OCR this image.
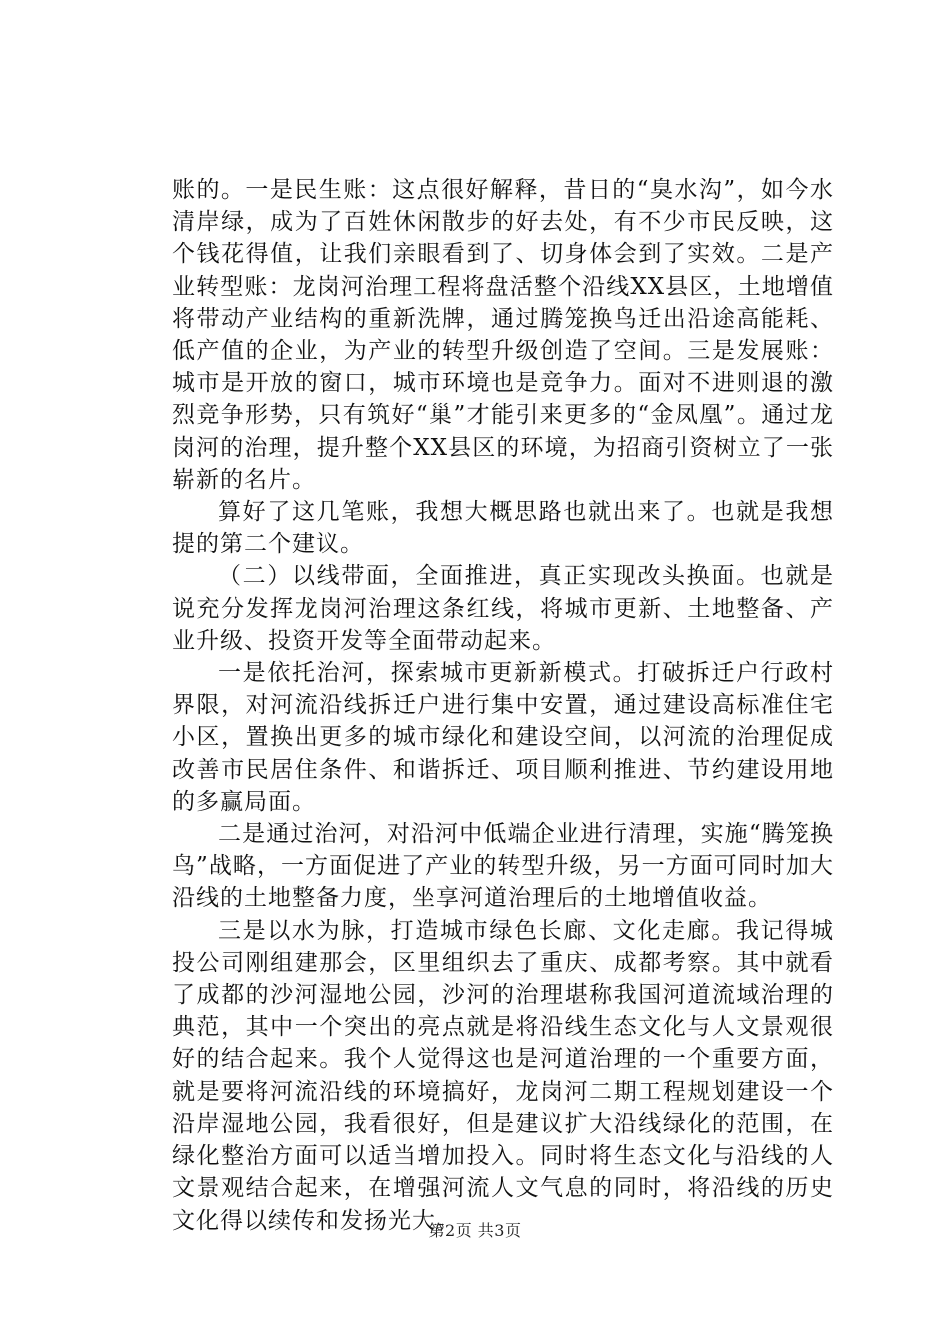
账的。一是民生账：这点很好解释，昔日的“臭水沟”，如今水清岸绿，成为了百姓休闲散步的好去处，有不少市民反映，这个钱花得值，让我们亲眼看到了、切身体会到了实效。二是产业转型账：龙岗河治理工程将盘活整个沿线XX县区，土地增值将带动产业结构的重新洗牌，通过腾笼换鸟迁出沿途高能耗、低产值的企业，为产业的转型升级创造了空间。三是发展账：城市是开放的窗口，城市环境也是竞争力。面对不进则退的激烈竞争形势，只有筑好“巢”才能引来更多的“金凤凰”。通过龙岗河的治理，提升整个XX县区的环境，为招商引资树立了一张崭新的名片。

算好了这几笔账，我想大概思路也就出来了。也就是我想提的第二个建议。

（二）以线带面，全面推进，真正实现改头换面。也就是说充分发挥龙岗河治理这条红线，将城市更新、土地整备、产业升级、投资开发等全面带动起来。

一是依托治河，探索城市更新新模式。打破拆迁户行政村界限，对河流沿线拆迁户进行集中安置，通过建设高标准住宅小区，置换出更多的城市绿化和建设空间，以河流的治理促成改善市民居住条件、和谐拆迁、项目顺利推进、节约建设用地的多赢局面。

二是通过治河，对沿河中低端企业进行清理，实施“腾笼换鸟”战略，一方面促进了产业的转型升级，另一方面可同时加大沿线的土地整备力度，坐享河道治理后的土地增值收益。

三是以水为脉，打造城市绿色长廊、文化走廊。我记得城投公司刚组建那会，区里组织去了重庆、成都考察。其中就看了成都的沙河湿地公园，沙河的治理堪称我国河道流域治理的典范，其中一个突出的亮点就是将沿线生态文化与人文景观很好的结合起来。我个人觉得这也是河道治理的一个重要方面，就是要将河流沿线的环境搞好，龙岗河二期工程规划建设一个沿岸湿地公园，我看很好，但是建议扩大沿线绿化的范围，在绿化整治方面可以适当增加投入。同时将生态文化与沿线的人文景观结合起来，在增强河流人文气息的同时，将沿线的历史文化得以续传和发扬光大。

第2页 共3页
